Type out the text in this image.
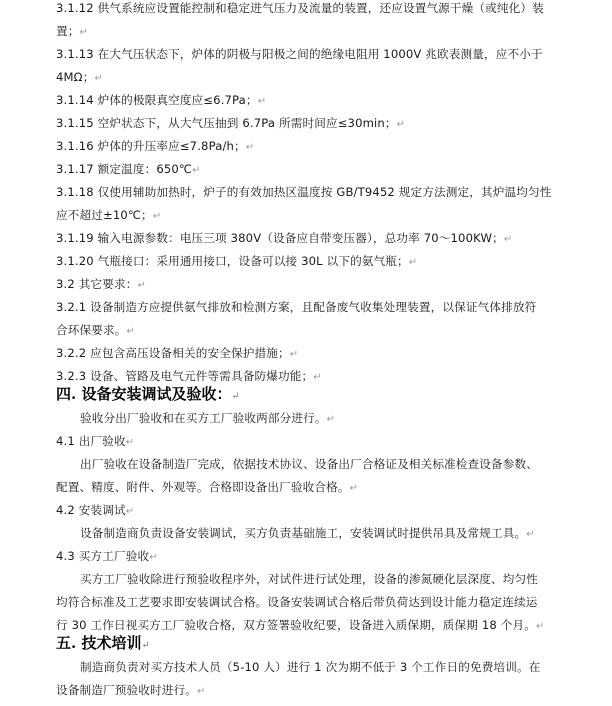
3.1.12 供气系统应设置能控制和稳定进气压力及流量的装置，还应设置气源干燥（或纯化）装
置；↵
3.1.13 在大气压状态下，炉体的阴极与阳极之间的绝缘电阻用 1000V 兆欧表测量，应不小于
4MΩ；↵
3.1.14 炉体的极限真空度应≤6.7Pa；↵
3.1.15 空炉状态下，从大气压抽到 6.7Pa 所需时间应≤30min；↵
3.1.16 炉体的升压率应≤7.8Pa/h；↵
3.1.17 额定温度：650℃↵
3.1.18 仅使用辅助加热时，炉子的有效加热区温度按 GB/T9452 规定方法测定，其炉温均匀性
应不超过±10℃；↵
3.1.19 输入电源参数：电压三项 380V（设备应自带变压器），总功率 70～100KW；↵
3.1.20 气瓶接口：采用通用接口，设备可以接 30L 以下的氨气瓶；↵
3.2 其它要求：↵
3.2.1 设备制造方应提供氨气排放和检测方案，且配备废气收集处理装置，以保证气体排放符
合环保要求。↵
3.2.2 应包含高压设备相关的安全保护措施；↵
3.2.3 设备、管路及电气元件等需具备防爆功能；↵
四. 设备安装调试及验收：↵
验收分出厂验收和在买方工厂验收两部分进行。↵
4.1 出厂验收↵
出厂验收在设备制造厂完成，依据技术协议、设备出厂合格证及相关标准检查设备参数、
配置、精度、附件、外观等。合格即设备出厂验收合格。↵
4.2 安装调试↵
设备制造商负责设备安装调试，买方负责基础施工，安装调试时提供吊具及常规工具。↵
4.3 买方工厂验收↵
买方工厂验收除进行预验收程序外，对试件进行试处理，设备的渗氮硬化层深度、均匀性
均符合标准及工艺要求即安装调试合格。设备安装调试合格后带负荷达到设计能力稳定连续运
行 30 工作日视买方工厂验收合格，双方签署验收纪要，设备进入质保期，质保期 18 个月。↵
五. 技术培训↵
制造商负责对买方技术人员（5-10 人）进行 1 次为期不低于 3 个工作日的免费培训。在
设备制造厂预验收时进行。↵
